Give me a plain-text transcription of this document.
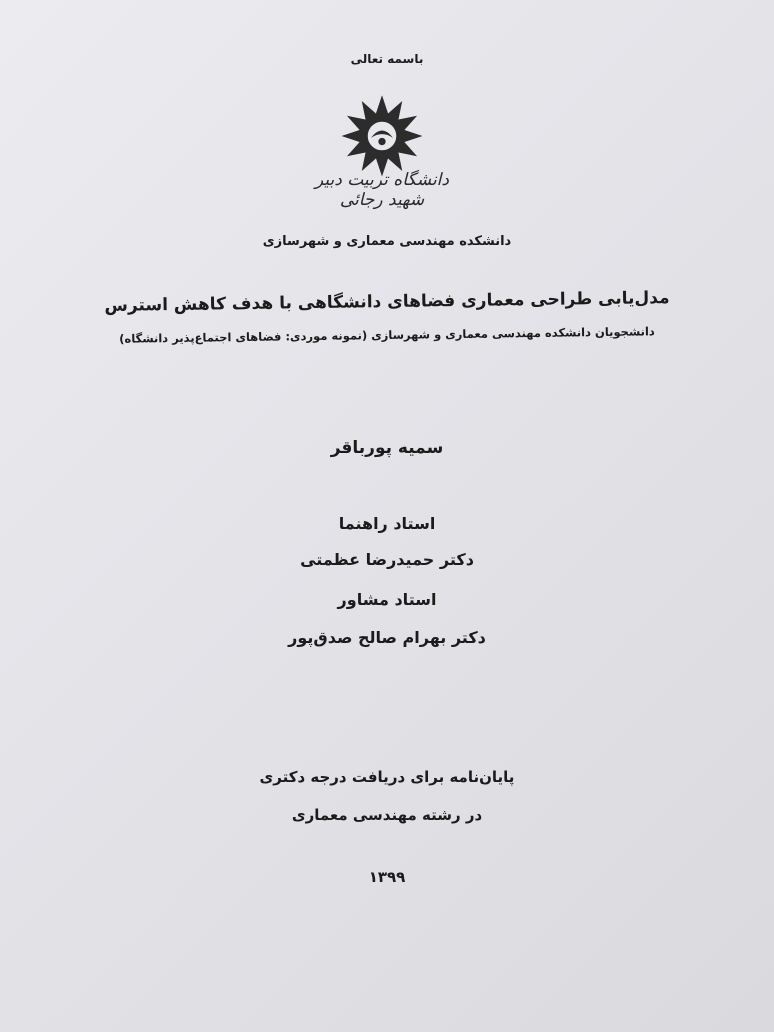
باسمه تعالی
دانشگاه تربیت دبیر شهید رجائی
دانشکده مهندسی معماری و شهرسازی
مدل‌یابی طراحی معماری فضاهای دانشگاهی با هدف کاهش استرس
دانشجویان دانشکده مهندسی معماری و شهرسازی (نمونه موردی: فضاهای اجتماع‌پذیر دانشگاه)
سمیه پورباقر
استاد راهنما
دکتر حمیدرضا عظمتی
استاد مشاور
دکتر بهرام صالح صدق‌پور
پایان‌نامه برای دریافت درجه دکتری
در رشته مهندسی معماری
۱۳۹۹
